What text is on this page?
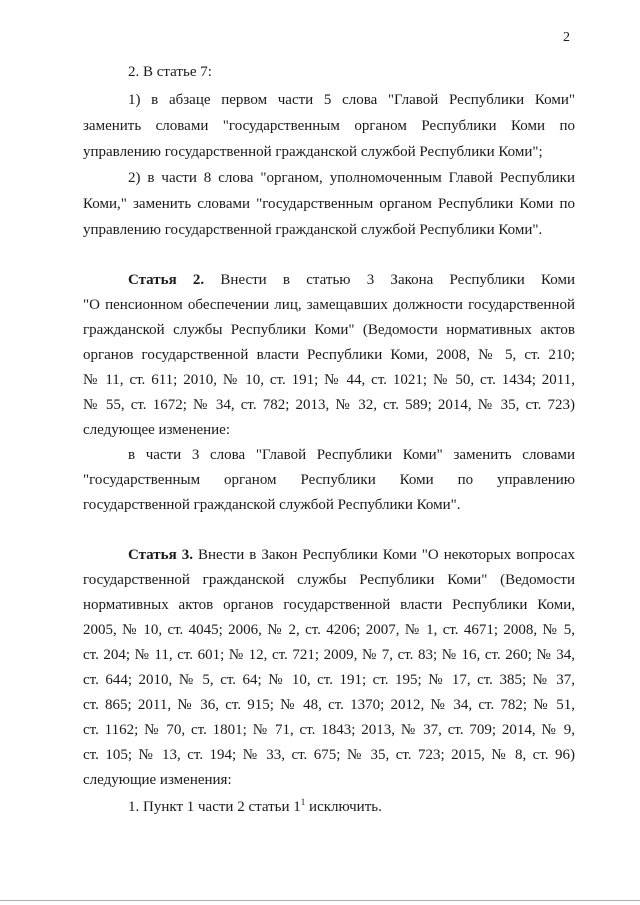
2
2. В статье 7:
1) в абзаце первом части 5 слова "Главой Республики Коми"
заменить словами "государственным органом Республики Коми по
управлению государственной гражданской службой Республики Коми";
2) в части 8 слова "органом, уполномоченным Главой Республики
Коми," заменить словами "государственным органом Республики Коми по
управлению государственной гражданской службой Республики Коми".
Статья 2. Внести в статью 3 Закона Республики Коми
"О пенсионном обеспечении лиц, замещавших должности государственной
гражданской службы Республики Коми" (Ведомости нормативных актов
органов государственной власти Республики Коми, 2008, № 5, ст. 210;
№ 11, ст. 611; 2010, № 10, ст. 191; № 44, ст. 1021; № 50, ст. 1434; 2011,
№ 55, ст. 1672; № 34, ст. 782; 2013, № 32, ст. 589; 2014, № 35, ст. 723)
следующее изменение:
в части 3 слова "Главой Республики Коми" заменить словами
"государственным органом Республики Коми по управлению
государственной гражданской службой Республики Коми".
Статья 3. Внести в Закон Республики Коми "О некоторых вопросах
государственной гражданской службы Республики Коми" (Ведомости
нормативных актов органов государственной власти Республики Коми,
2005, № 10, ст. 4045; 2006, № 2, ст. 4206; 2007, № 1, ст. 4671; 2008, № 5,
ст. 204; № 11, ст. 601; № 12, ст. 721; 2009, № 7, ст. 83; № 16, ст. 260; № 34,
ст. 644; 2010, № 5, ст. 64; № 10, ст. 191; ст. 195; № 17, ст. 385; № 37,
ст. 865; 2011, № 36, ст. 915; № 48, ст. 1370; 2012, № 34, ст. 782; № 51,
ст. 1162; № 70, ст. 1801; № 71, ст. 1843; 2013, № 37, ст. 709; 2014, № 9,
ст. 105; № 13, ст. 194; № 33, ст. 675; № 35, ст. 723; 2015, № 8, ст. 96)
следующие изменения:
1. Пункт 1 части 2 статьи $1^1$ исключить.
